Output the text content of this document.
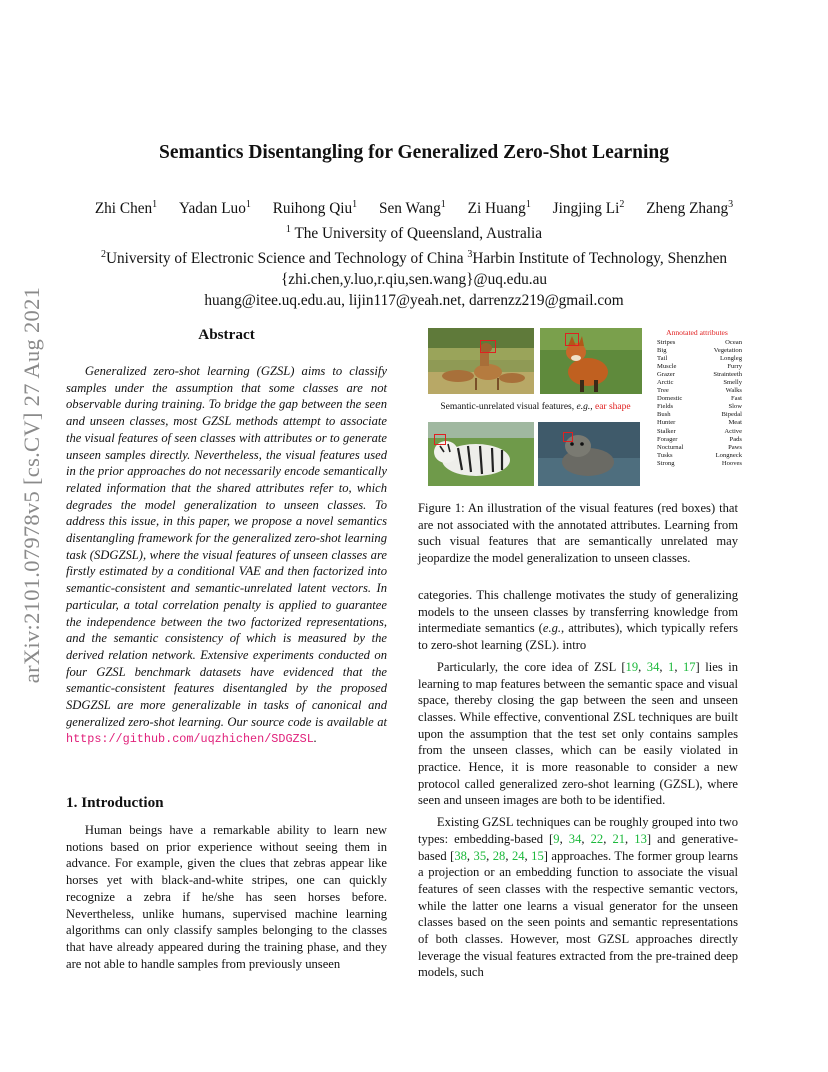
arXiv:2101.07978v5 [cs.CV] 27 Aug 2021
Semantics Disentangling for Generalized Zero-Shot Learning
Zhi Chen$^1$ Yadan Luo$^1$ Ruihong Qiu$^1$ Sen Wang$^1$ Zi Huang$^1$ Jingjing Li$^2$ Zheng Zhang$^3$
$^1$ The University of Queensland, Australia
$^2$University of Electronic Science and Technology of China $^3$Harbin Institute of Technology, Shenzhen
{zhi.chen,y.luo,r.qiu,sen.wang}@uq.edu.au
huang@itee.uq.edu.au, lijin117@yeah.net, darrenzz219@gmail.com
Abstract

Generalized zero-shot learning (GZSL) aims to classify samples under the assumption that some classes are not observable during training. To bridge the gap between the seen and unseen classes, most GZSL methods attempt to associate the visual features of seen classes with attributes or to generate unseen samples directly. Nevertheless, the visual features used in the prior approaches do not necessarily encode semantically related information that the shared attributes refer to, which degrades the model generalization to unseen classes. To address this issue, in this paper, we propose a novel semantics disentangling framework for the generalized zero-shot learning task (SDGZSL), where the visual features of unseen classes are firstly estimated by a conditional VAE and then factorized into semantic-consistent and semantic-unrelated latent vectors. In particular, a total correlation penalty is applied to guarantee the independence between the two factorized representations, and the semantic consistency of which is measured by the derived relation network. Extensive experiments conducted on four GZSL benchmark datasets have evidenced that the semantic-consistent features disentangled by the proposed SDGZSL are more generalizable in tasks of canonical and generalized zero-shot learning. Our source code is available at https://github.com/uqzhichen/SDGZSL.

1. Introduction

Human beings have a remarkable ability to learn new notions based on prior experience without seeing them in advance. For example, given the clues that zebras appear like horses yet with black-and-white stripes, one can quickly recognize a zebra if he/she has seen horses before. Nevertheless, unlike humans, supervised machine learning algorithms can only classify samples belonging to the classes that have already appeared during the training phase, and they are not able to handle samples from previously unseen

Semantic-unrelated visual features, e.g., ear shape
Annotated attributes
Stripes	Ocean
Big	Vegetation
Tail	Longleg
Muscle	Furry
Grazer	Strainteeth
Arctic	Smelly
Tree	Walks
Domestic	Fast
Fields	Slow
Bush	Bipedal
Hunter	Meat
Stalker	Active
Forager	Pads
Nocturnal	Paws
Tusks	Longneck
Strong	Hooves
Figure 1: An illustration of the visual features (red boxes) that are not associated with the annotated attributes. Learning from such visual features that are semantically unrelated may jeopardize the model generalization to unseen classes.

categories. This challenge motivates the study of generalizing models to the unseen classes by transferring knowledge from intermediate semantics (e.g., attributes), which typically refers to zero-shot learning (ZSL). intro

Particularly, the core idea of ZSL [19, 34, 1, 17] lies in learning to map features between the semantic space and visual space, thereby closing the gap between the seen and unseen classes. While effective, conventional ZSL techniques are built upon the assumption that the test set only contains samples from the unseen classes, which can be easily violated in practice. Hence, it is more reasonable to consider a new protocol called generalized zero-shot learning (GZSL), where seen and unseen images are both to be identified.

Existing GZSL techniques can be roughly grouped into two types: embedding-based [9, 34, 22, 21, 13] and generative-based [38, 35, 28, 24, 15] approaches. The former group learns a projection or an embedding function to associate the visual features of seen classes with the respective semantic vectors, while the latter one learns a visual generator for the unseen classes based on the seen points and semantic representations of both classes. However, most GZSL approaches directly leverage the visual features extracted from the pre-trained deep models, such
